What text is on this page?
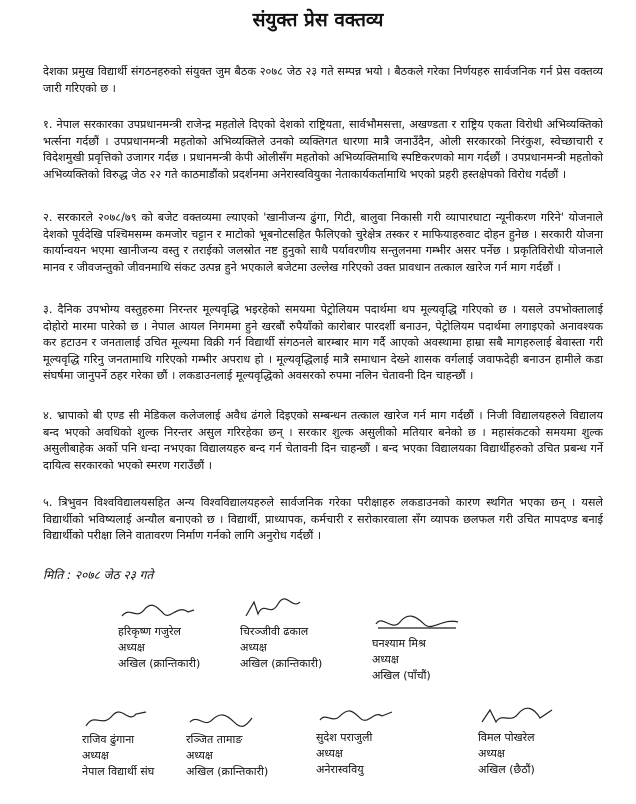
संयुक्त प्रेस वक्तव्य

देशका प्रमुख विद्यार्थी संगठनहरुको संयुक्त जुम बैठक २०७८ जेठ २३ गते सम्पन्न भयो । बैठकले गरेका निर्णयहरु सार्वजनिक गर्न प्रेस वक्तव्य जारी गरिएको छ ।

१. नेपाल सरकारका उपप्रधानमन्त्री राजेन्द्र महतोले दिएको देशको राष्ट्रियता, सार्वभौमसत्ता, अखण्डता र राष्ट्रिय एकता विरोधी अभिव्यक्तिको भर्त्सना गर्दछौं । उपप्रधानमन्त्री महतोको अभिव्यक्तिले उनको व्यक्तिगत धारणा मात्रै जनाउँदैन, ओली सरकारको निरंकुश, स्वेच्छाचारी र विदेशमुखी प्रवृत्तिको उजागर गर्दछ । प्रधानमन्त्री केपी ओलीसँग महतोको अभिव्यक्तिमाथि स्पष्टिकरणको माग गर्दछौं । उपप्रधानमन्त्री महतोको अभिव्यक्तिको विरुद्ध जेठ २२ गते काठमाडौंको प्रदर्शनमा अनेरास्ववियुका नेताकार्यकर्तामाथि भएको प्रहरी हस्तक्षेपको विरोध गर्दछौं ।

२. सरकारले २०७८/७९ को बजेट वक्तव्यमा ल्याएको 'खानीजन्य ढुंगा, गिटी, बालुवा निकासी गरी व्यापारघाटा न्यूनीकरण गरिने' योजनाले देशको पूर्वदेखि पश्चिमसम्म कमजोर चट्टान र माटोको भूबनोटसहित फैलिएको चुरेक्षेत्र तस्कर र माफियाहरुवाट दोहन हुनेछ । सरकारी योजना कार्यान्वयन भएमा खानीजन्य वस्तु र तराईको जलस्रोत नष्ट हुनुको साथै पर्यावरणीय सन्तुलनमा गम्भीर असर पर्नेछ । प्रकृतिविरोधी योजनाले मानव र जीवजन्तुको जीवनमाथि संकट उत्पन्न हुने भएकाले बजेटमा उल्लेख गरिएको उक्त प्रावधान तत्काल खारेज गर्न माग गर्दछौं ।

३. दैनिक उपभोग्य वस्तुहरुमा निरन्तर मूल्यवृद्धि भइरहेको समयमा पेट्रोलियम पदार्थमा थप मूल्यवृद्धि गरिएको छ । यसले उपभोक्तालाई दोहोरो मारमा पारेको छ । नेपाल आयल निगममा हुने खरबौं रुपैयाँको कारोबार पारदर्शी बनाउन, पेट्रोलियम पदार्थमा लगाइएको अनावश्यक कर हटाउन र जनतालाई उचित मूल्यमा विक्री गर्न विद्यार्थी संगठनले बारम्बार माग गर्दै आएको अवस्थामा हाम्रा सबै मागहरुलाई बेवास्ता गरी मूल्यवृद्धि गरिनु जनतामाथि गरिएको गम्भीर अपराध हो । मूल्यवृद्धिलाई मात्रै समाधान देख्ने शासक वर्गलाई जवाफदेही बनाउन हामीले कडा संघर्षमा जानुपर्ने ठहर गरेका छौं । लकडाउनलाई मूल्यवृद्धिको अवसरको रुपमा नलिन चेतावनी दिन चाहन्छौं ।

४. भ्रापाको बी एण्ड सी मेडिकल कलेजलाई अवैध ढंगले दिइएको सम्बन्धन तत्काल खारेज गर्न माग गर्दछौं । निजी विद्यालयहरुले विद्यालय बन्द भएको अवधिको शुल्क निरन्तर असुल गरिरहेका छन् । सरकार शुल्क असुलीको मतियार बनेको छ । महासंकटको समयमा शुल्क असुलीबाहेक अर्को पनि धन्दा नभएका विद्यालयहरु बन्द गर्न चेतावनी दिन चाहन्छौं । बन्द भएका विद्यालयका विद्यार्थीहरुको उचित प्रबन्ध गर्ने दायित्व सरकारको भएको स्मरण गराउँछौं ।

५. त्रिभुवन विश्वविद्यालयसहित अन्य विश्वविद्यालयहरुले सार्वजनिक गरेका परीक्षाहरु लकडाउनको कारण स्थगित भएका छन् । यसले विद्यार्थीको भविष्यलाई अन्यौल बनाएको छ । विद्यार्थी, प्राध्यापक, कर्मचारी र सरोकारवाला सँग व्यापक छलफल गरी उचित मापदण्ड बनाई विद्यार्थीको परीक्षा लिने वातावरण निर्माण गर्नको लागि अनुरोध गर्दछौं ।

मिति : २०७८ जेठ २३ गते

हरिकृष्ण गजुरेल
अध्यक्ष
अखिल (क्रान्तिकारी)
चिरञ्जीवी ढकाल
अध्यक्ष
अखिल (क्रान्तिकारी)
घनश्याम मिश्र
अध्यक्ष
अखिल (पाँचौं)
राजिव ढुंगाना
अध्यक्ष
नेपाल विद्यार्थी संघ
रञ्जित तामाङ
अध्यक्ष
अखिल (क्रान्तिकारी)
सुदेश पराजुली
अध्यक्ष
अनेरास्ववियु
विमल पोखरेल
अध्यक्ष
अखिल (छैठौं)
